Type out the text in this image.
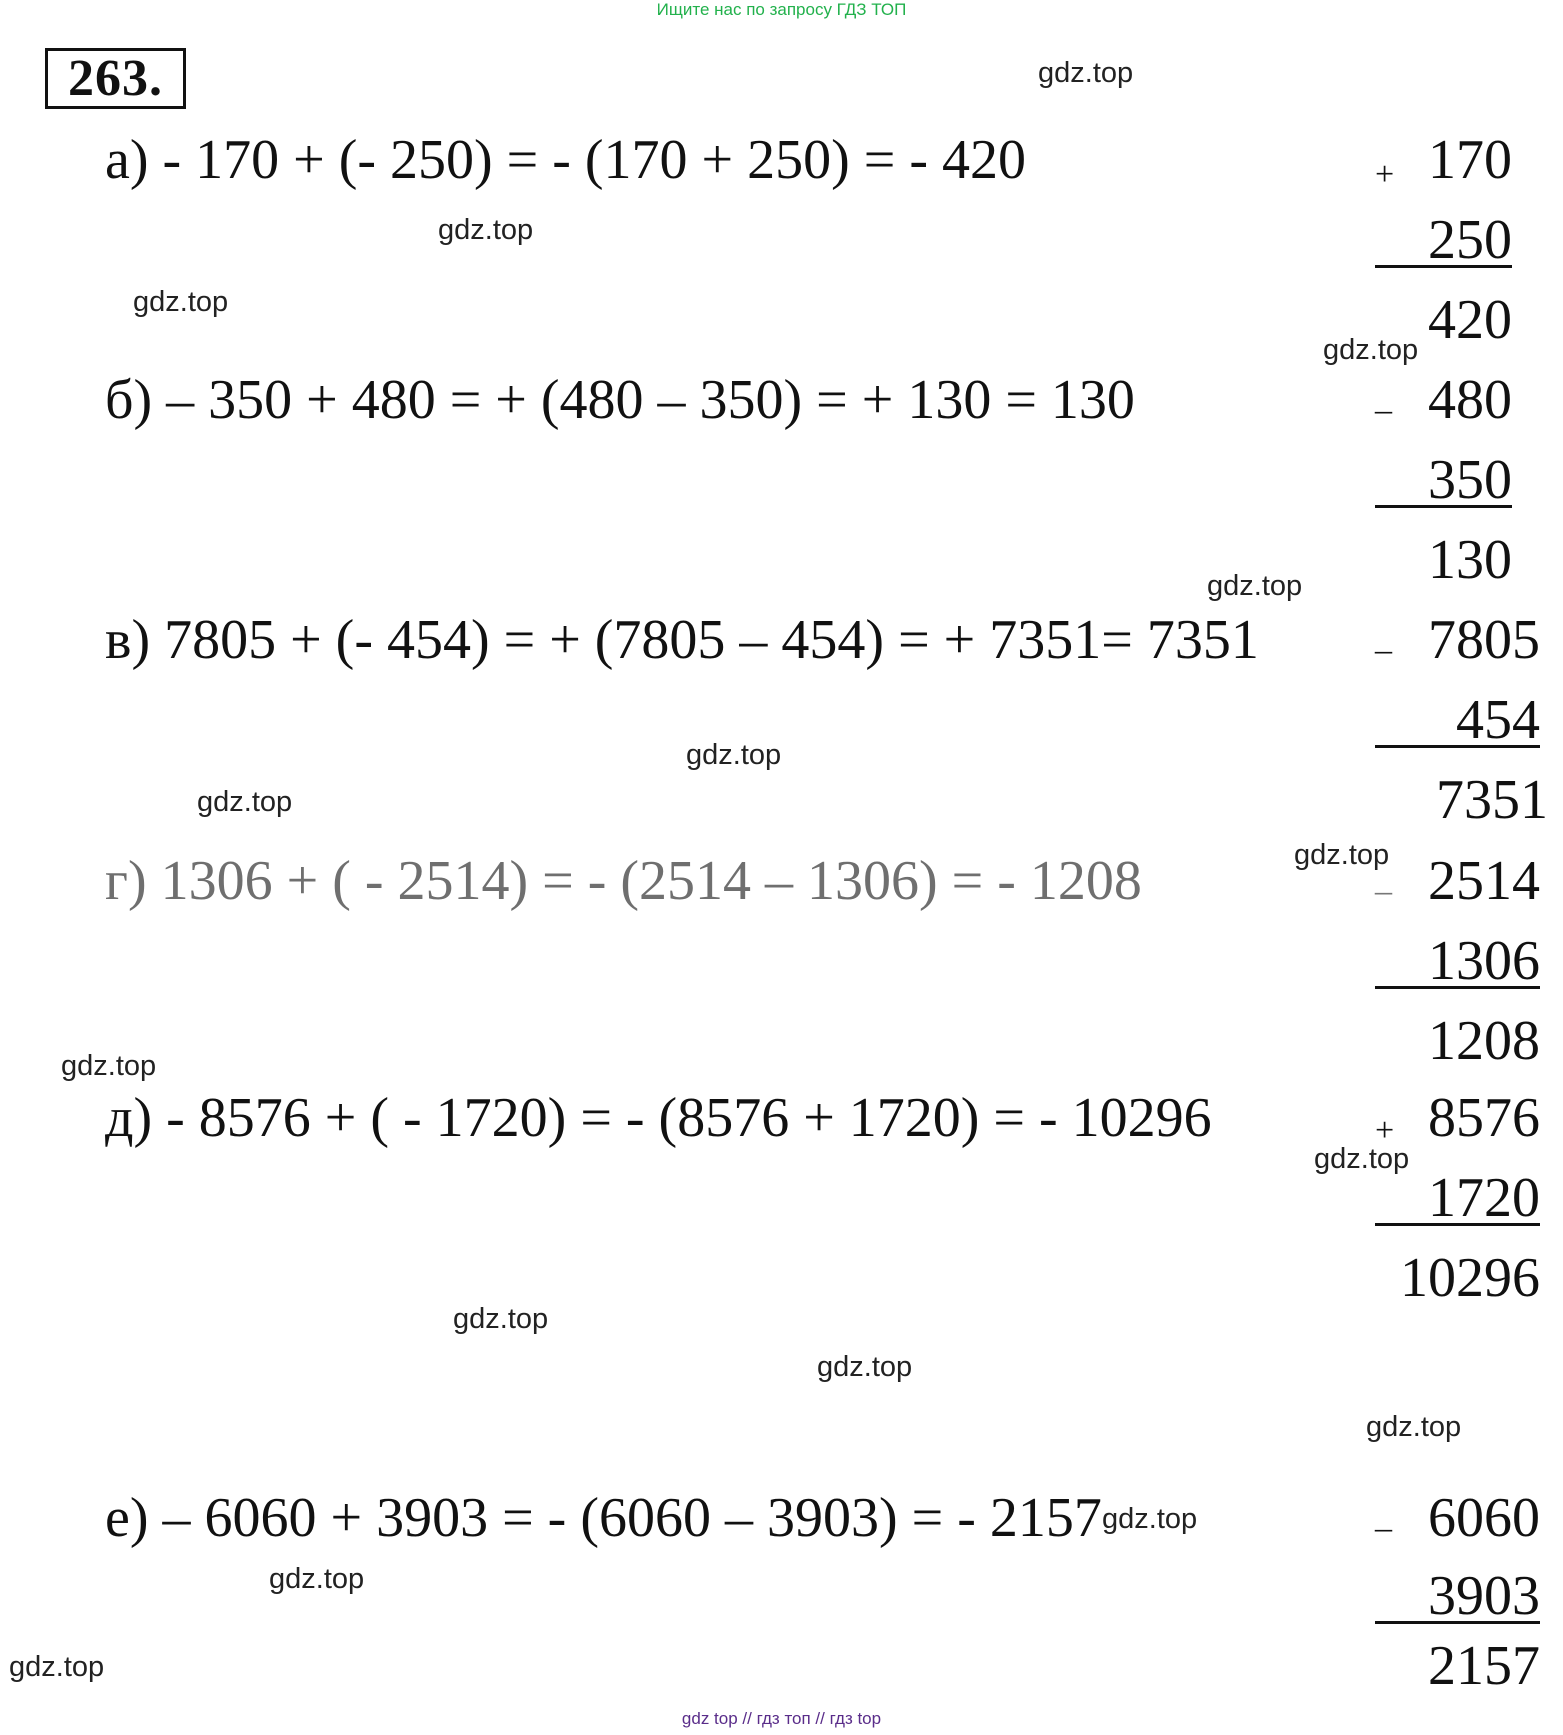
Ищите нас по запросу ГДЗ ТОП
263.
а) - 170 + (- 250) = - (170 + 250) = - 420
б) – 350 + 480 = + (480 – 350) = + 130 = 130
в) 7805 + (- 454) = + (7805 – 454) = + 7351= 7351
г) 1306 + ( - 2514) = - (2514 – 1306) = - 1208
д) - 8576 + ( - 1720) = - (8576 + 1720) = - 10296
е) – 6060 + 3903 = - (6060 – 3903) = - 2157
+ 170
250
420
_ 480
350
130
_ 7805
454
7351
_ 2514
1306
1208
+ 8576
1720
10296
_ 6060
3903
2157
gdz.top
gdz.top
gdz.top
gdz.top
gdz.top
gdz.top
gdz.top
gdz.top
gdz.top
gdz.top
gdz.top
gdz.top
gdz.top
gdz.top
gdz.top
gdz.top
gdz top // гдз топ // гдз top
